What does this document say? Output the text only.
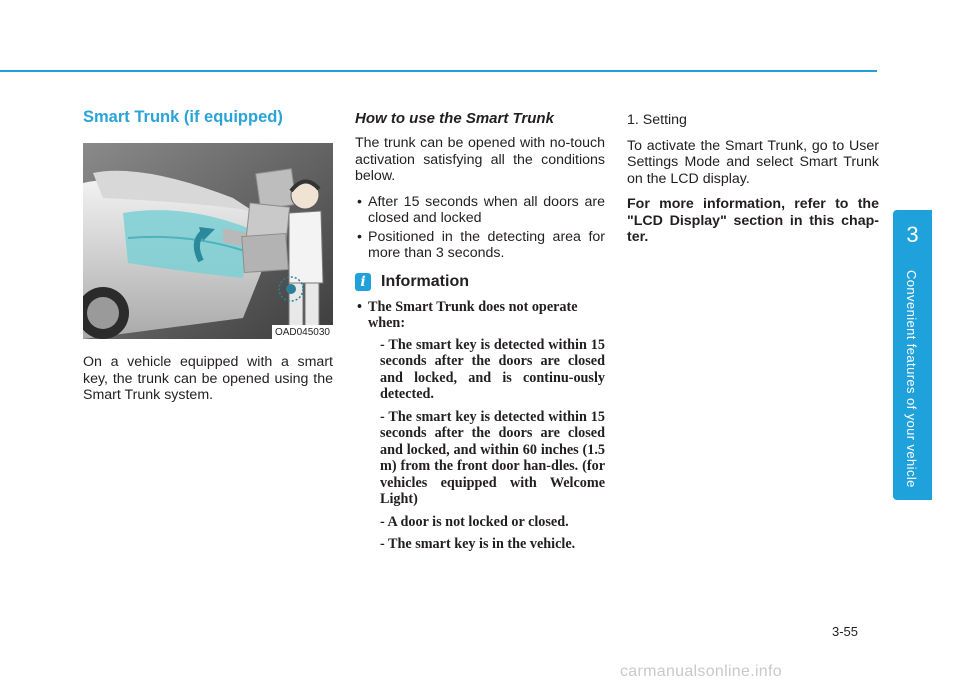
3
Convenient features of your vehicle
Smart Trunk (if equipped)
OAD045030

On a vehicle equipped with a smart key, the trunk can be opened using the Smart Trunk system.

How to use the Smart Trunk

The trunk can be opened with no-touch activation satisfying all the conditions below.

• After 15 seconds when all doors are closed and locked
• Positioned in the detecting area for more than 3 seconds.
i Information
• The Smart Trunk does not operate when:
- The smart key is detected within 15 seconds after the doors are closed and locked, and is continu-ously detected.
- The smart key is detected within 15 seconds after the doors are closed and locked, and within 60 inches (1.5 m) from the front door han-dles. (for vehicles equipped with Welcome Light)
- A door is not locked or closed.
- The smart key is in the vehicle.

1. Setting

To activate the Smart Trunk, go to User Settings Mode and select Smart Trunk on the LCD display.

For more information, refer to the "LCD Display" section in this chap-ter.

3-55
carmanualsonline.info
